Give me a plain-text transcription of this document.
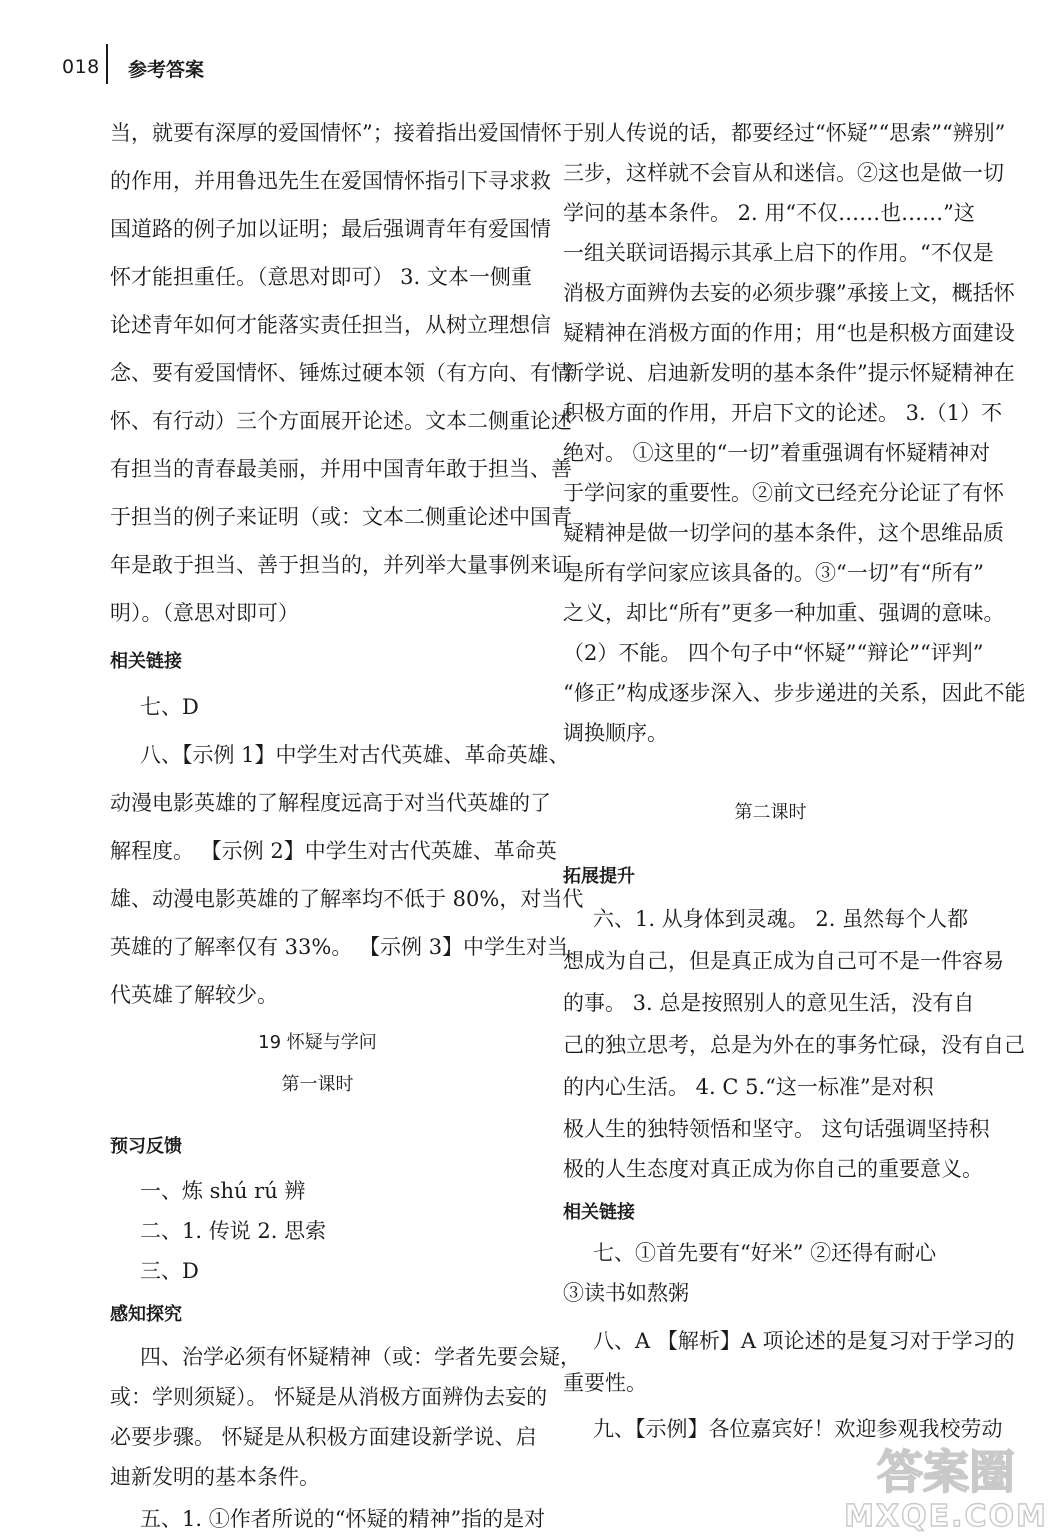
018 参考答案
当，就要有深厚的爱国情怀”；接着指出爱国情怀
的作用，并用鲁迅先生在爱国情怀指引下寻求救
国道路的例子加以证明；最后强调青年有爱国情
怀才能担重任。（意思对即可） 3. 文本一侧重
论述青年如何才能落实责任担当，从树立理想信
念、要有爱国情怀、锤炼过硬本领（有方向、有情
怀、有行动）三个方面展开论述。文本二侧重论述
有担当的青春最美丽，并用中国青年敢于担当、善
于担当的例子来证明（或：文本二侧重论述中国青
年是敢于担当、善于担当的，并列举大量事例来证
明）。（意思对即可）
相关链接
七、D
八、【示例 1】中学生对古代英雄、革命英雄、
动漫电影英雄的了解程度远高于对当代英雄的了
解程度。 【示例 2】中学生对古代英雄、革命英
雄、动漫电影英雄的了解率均不低于 80%，对当代
英雄的了解率仅有 33%。 【示例 3】中学生对当
代英雄了解较少。
19 怀疑与学问
第一课时
预习反馈
一、炼 shú rú 辨
二、1. 传说 2. 思索
三、D
感知探究
四、治学必须有怀疑精神（或：学者先要会疑，
或：学则须疑）。 怀疑是从消极方面辨伪去妄的
必要步骤。 怀疑是从积极方面建设新学说、启
迪新发明的基本条件。
五、1. ①作者所说的“怀疑的精神”指的是对
于别人传说的话，都要经过“怀疑”“思索”“辨别”
三步，这样就不会盲从和迷信。②这也是做一切
学问的基本条件。 2. 用“不仅……也……”这
一组关联词语揭示其承上启下的作用。“不仅是
消极方面辨伪去妄的必须步骤”承接上文，概括怀
疑精神在消极方面的作用；用“也是积极方面建设
新学说、启迪新发明的基本条件”提示怀疑精神在
积极方面的作用，开启下文的论述。 3.（1）不
绝对。 ①这里的“一切”着重强调有怀疑精神对
于学问家的重要性。②前文已经充分论证了有怀
疑精神是做一切学问的基本条件，这个思维品质
是所有学问家应该具备的。③“一切”有“所有”
之义，却比“所有”更多一种加重、强调的意味。
（2）不能。 四个句子中“怀疑”“辩论”“评判”
“修正”构成逐步深入、步步递进的关系，因此不能
调换顺序。
第二课时
拓展提升
六、1. 从身体到灵魂。 2. 虽然每个人都
想成为自己，但是真正成为自己可不是一件容易
的事。 3. 总是按照别人的意见生活，没有自
己的独立思考，总是为外在的事务忙碌，没有自己
的内心生活。 4. C 5.“这一标准”是对积
极人生的独特领悟和坚守。 这句话强调坚持积
极的人生态度对真正成为你自己的重要意义。
相关链接
七、①首先要有“好米” ②还得有耐心
③读书如熬粥
八、A 【解析】A 项论述的是复习对于学习的
重要性。
九、【示例】各位嘉宾好！欢迎参观我校劳动
答案圈
MXQE.COM
